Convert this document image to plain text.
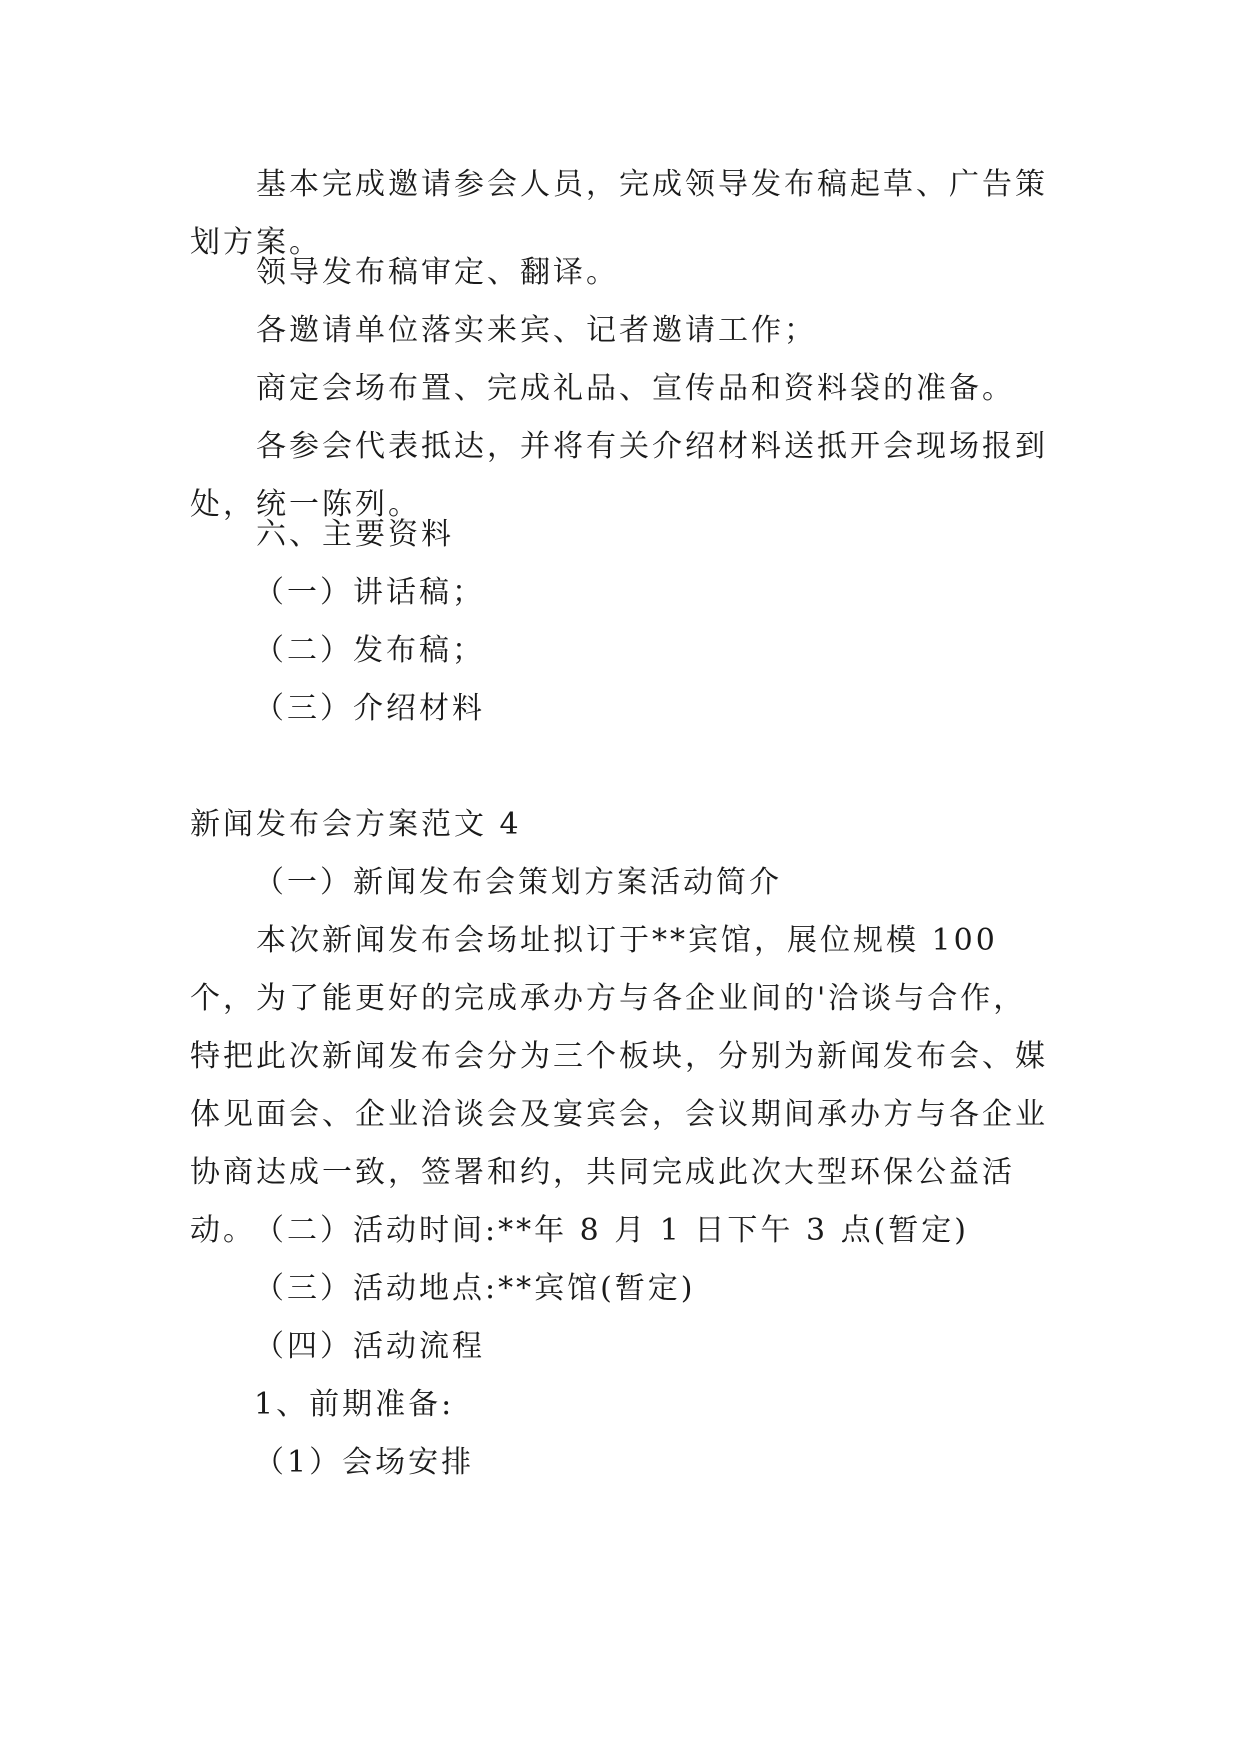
基本完成邀请参会人员，完成领导发布稿起草、广告策划方案。
领导发布稿审定、翻译。
各邀请单位落实来宾、记者邀请工作；
商定会场布置、完成礼品、宣传品和资料袋的准备。
各参会代表抵达，并将有关介绍材料送抵开会现场报到处，统一陈列。
六、主要资料
（一）讲话稿；
（二）发布稿；
（三）介绍材料
新闻发布会方案范文 4
（一）新闻发布会策划方案活动简介
本次新闻发布会场址拟订于**宾馆，展位规模 100 个，为了能更好的完成承办方与各企业间的'洽谈与合作，特把此次新闻发布会分为三个板块，分别为新闻发布会、媒体见面会、企业洽谈会及宴宾会，会议期间承办方与各企业协商达成一致，签署和约，共同完成此次大型环保公益活动。
（二）活动时间:**年 8 月 1 日下午 3 点(暂定)
（三）活动地点:**宾馆(暂定)
（四）活动流程
1、前期准备:
（1）会场安排
